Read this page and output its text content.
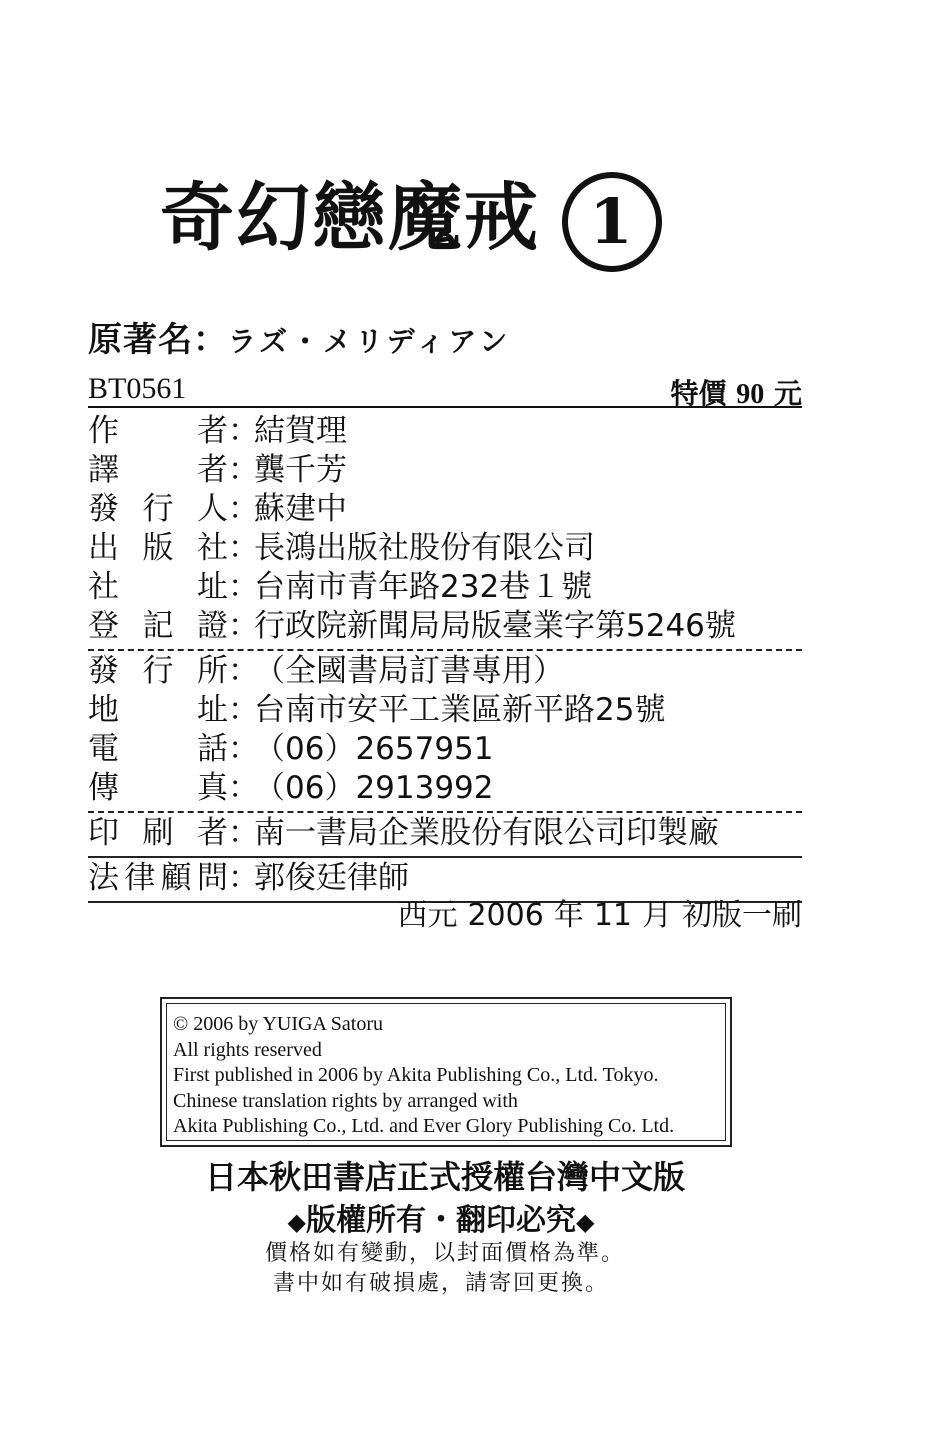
奇幻戀魔戒 1
原著名：ラズ・メリディアン
BT0561	特價 90 元
作　　者：結賀理
譯　　者：龔千芳
發 行 人：蘇建中
出 版 社：長鴻出版社股份有限公司
社　　址：台南市青年路232巷１號
登 記 證：行政院新聞局局版臺業字第5246號
發 行 所：（全國書局訂書專用）
地　　址：台南市安平工業區新平路25號
電　　話：（06）2657951
傳　　真：（06）2913992
印 刷 者：南一書局企業股份有限公司印製廠
法律顧問：郭俊廷律師
西元 2006 年 11 月 初版一刷
© 2006 by YUIGA Satoru
All rights reserved
First published in 2006 by Akita Publishing Co., Ltd. Tokyo.
Chinese translation rights by arranged with
Akita Publishing Co., Ltd. and Ever Glory Publishing Co. Ltd.
日本秋田書店正式授權台灣中文版
◆版權所有・翻印必究◆
價格如有變動，以封面價格為準。
書中如有破損處，請寄回更換。
